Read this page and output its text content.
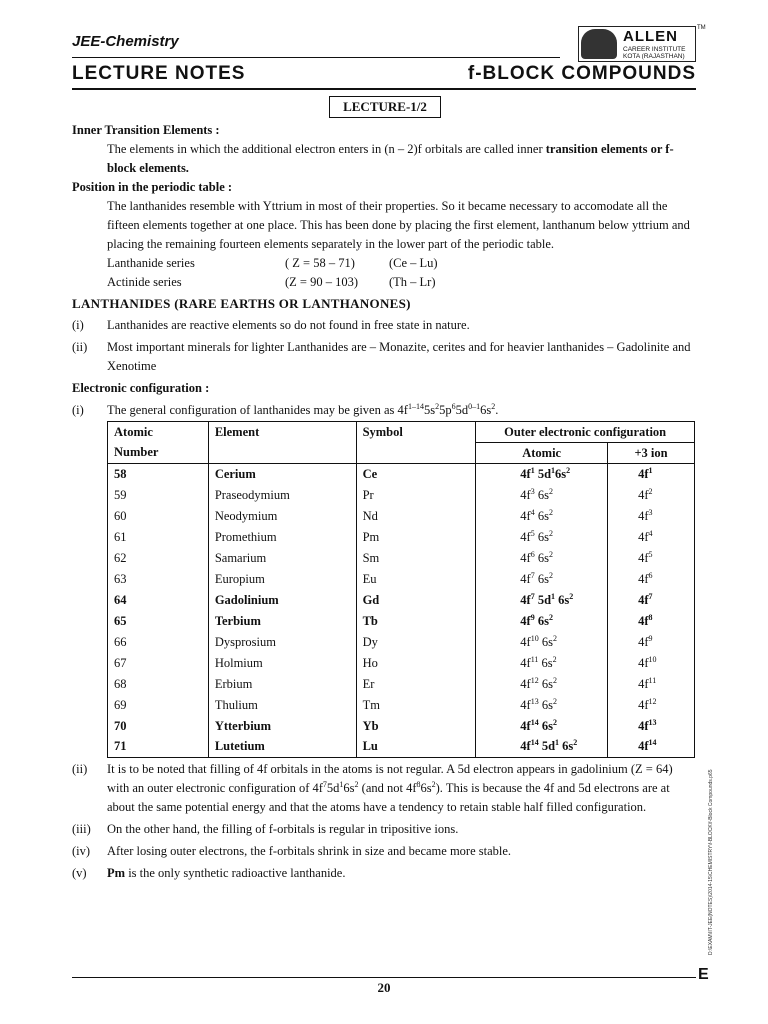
JEE-Chemistry	ALLEN
CAREER INSTITUTE
KOTA (RAJASTHAN)
TM
LECTURE NOTES	f-BLOCK COMPOUNDS
LECTURE-1/2
Inner Transition Elements :
The elements in which the additional electron enters in (n – 2)f orbitals are called inner transition elements or f-block elements.
Position in the periodic table :
The lanthanides resemble with Yttrium in most of their properties. So it became necessary to accomodate all the fifteen elements together at one place. This has been done by placing the first element, lanthanum below yttrium and placing the remaining fourteen elements separately in the lower part of the periodic table.
Lanthanide series	( Z = 58 – 71)	(Ce – Lu)
Actinide series	(Z = 90 – 103)	(Th – Lr)
LANTHANIDES (RARE EARTHS OR LANTHANONES)
(i)	Lanthanides are reactive elements so do not found in free state in nature.
(ii)	Most important minerals for lighter Lanthanides are – Monazite, cerites and for heavier lanthanides – Gadolinite and Xenotime
Electronic configuration :
(i)	The general configuration of lanthanides may be given as $4f^{1-14}5s^25p^65d^{0-1}6s^2$.
Atomic	Element	Symbol	Outer electronic configuration	
Number			Atomic	+3 ion
58	Cerium	Ce	$4f^1$ $5d^16s^2$	$4f^1$
59	Praseodymium	Pr	$4f^3$ $6s^2$	$4f^2$
60	Neodymium	Nd	$4f^4$ $6s^2$	$4f^3$
61	Promethium	Pm	$4f^5$ $6s^2$	$4f^4$
62	Samarium	Sm	$4f^6$ $6s^2$	$4f^5$
63	Europium	Eu	$4f^7$ $6s^2$	$4f^6$
64	Gadolinium	Gd	$4f^7$ $5d^1$ $6s^2$	$4f^7$
65	Terbium	Tb	$4f^9$ $6s^2$	$4f^8$
66	Dysprosium	Dy	$4f^{10}$ $6s^2$	$4f^9$
67	Holmium	Ho	$4f^{11}$ $6s^2$	$4f^{10}$
68	Erbium	Er	$4f^{12}$ $6s^2$	$4f^{11}$
69	Thulium	Tm	$4f^{13}$ $6s^2$	$4f^{12}$
70	Ytterbium	Yb	$4f^{14}$ $6s^2$	$4f^{13}$
71	Lutetium	Lu	$4f^{14}$ $5d^1$ $6s^2$	$4f^{14}$
(ii)	It is to be noted that filling of 4f orbitals in the atoms is not regular. A 5d electron appears in gadolinium (Z = 64) with an outer electronic configuration of $4f^75d^16s^2$ (and not $4f^86s^2$). This is because the 4f and 5d electrons are at about the same potential energy and that the atoms have a tendency to retain stable half filled configuration.
(iii)	On the other hand, the filling of f-orbitals is regular in tripositive ions.
(iv)	After losing outer electrons, the f-orbitals shrink in size and became more stable.
(v)	Pm is the only synthetic radioactive lanthanide.
20
E
D:\EXAM\IIT-JEE(NOTES)\2014-15\CHEMISTRY\f-BLOCK\f-Block Compounds.p65
